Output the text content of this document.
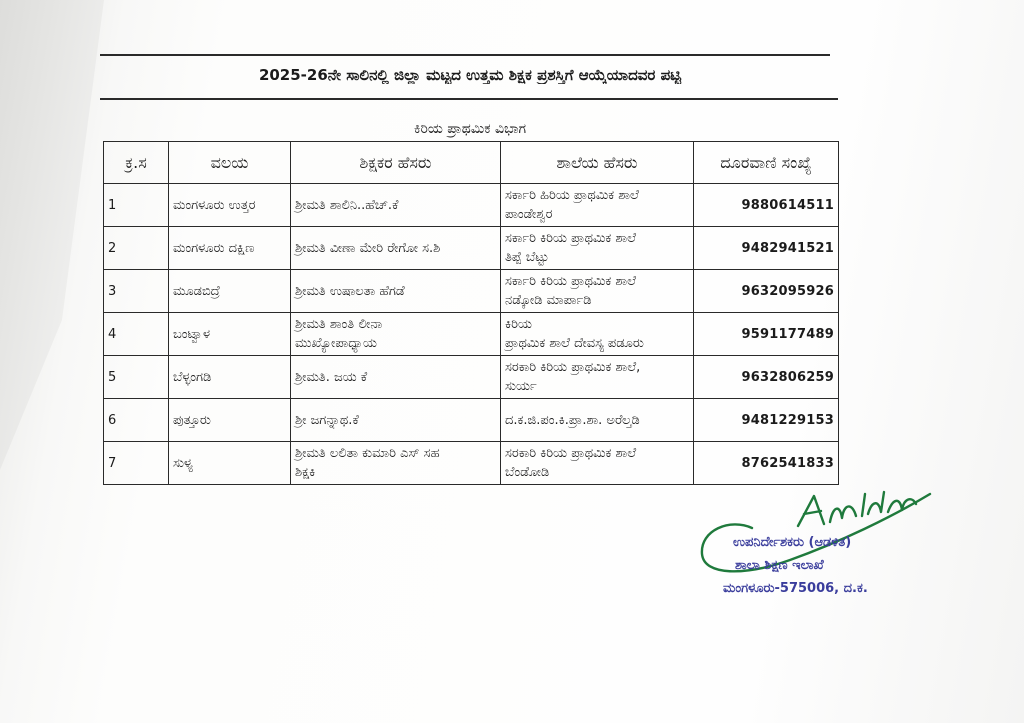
2025-26ನೇ ಸಾಲಿನಲ್ಲಿ ಜಿಲ್ಲಾ ಮಟ್ಟದ ಉತ್ತಮ ಶಿಕ್ಷಕ ಪ್ರಶಸ್ತಿಗೆ ಆಯ್ಕೆಯಾದವರ ಪಟ್ಟಿ
ಕಿರಿಯ ಪ್ರಾಥಮಿಕ ವಿಭಾಗ
ಕ್ರ.ಸ	ವಲಯ	ಶಿಕ್ಷಕರ ಹೆಸರು	ಶಾಲೆಯ ಹೆಸರು	ದೂರವಾಣಿ ಸಂಖ್ಯೆ
1	ಮಂಗಳೂರು ಉತ್ತರ	ಶ್ರೀಮತಿ ಶಾಲಿನಿ..ಹೆಚ್.ಕೆ	ಸರ್ಕಾರಿ ಹಿರಿಯ ಪ್ರಾಥಮಿಕ ಶಾಲೆ
ಪಾಂಡೇಶ್ವರ	9880614511
2	ಮಂಗಳೂರು ದಕ್ಷಿಣ	ಶ್ರೀಮತಿ ವೀಣಾ ಮೇರಿ ರೇಗೋ ಸ.ಶಿ	ಸರ್ಕಾರಿ ಕಿರಿಯ ಪ್ರಾಥಮಿಕ ಶಾಲೆ
ತಿಪ್ಪೆ ಬೆಟ್ಟು	9482941521
3	ಮೂಡಬಿದ್ರೆ	ಶ್ರೀಮತಿ ಉಷಾಲತಾ ಹೆಗಡೆ	ಸರ್ಕಾರಿ ಕಿರಿಯ ಪ್ರಾಥಮಿಕ ಶಾಲೆ
ನಡ್ಕೋಡಿ ಮಾರ್ಪಾಡಿ	9632095926
4	ಬಂಟ್ವಾಳ	ಶ್ರೀಮತಿ ಶಾಂತಿ ಲೀನಾ
ಮುಖ್ಯೋಪಾಧ್ಯಾಯ	ಕಿರಿಯ
ಪ್ರಾಥಮಿಕ ಶಾಲೆ ದೇವಸ್ಯ ಪಡೂರು	9591177489
5	ಬೆಳ್ಳಂಗಡಿ	ಶ್ರೀಮತಿ. ಜಯ ಕೆ	ಸರಕಾರಿ ಕಿರಿಯ ಪ್ರಾಥಮಿಕ ಶಾಲೆ,
ಸುರ್ಯ	9632806259
6	ಪುತ್ತೂರು	ಶ್ರೀ ಜಗನ್ನಾಥ.ಕೆ	ದ.ಕ.ಜಿ.ಪಂ.ಕಿ.ಪ್ರಾ.ಶಾ. ಅರೆಲ್ತಡಿ	9481229153
7	ಸುಳ್ಯ	ಶ್ರೀಮತಿ ಲಲಿತಾ ಕುಮಾರಿ ಎಸ್ ಸಹ
ಶಿಕ್ಷಕಿ	ಸರಕಾರಿ ಕಿರಿಯ ಪ್ರಾಥಮಿಕ ಶಾಲೆ
ಬೆಂಡೋಡಿ	8762541833
ಉಪನಿರ್ದೇಶಕರು (ಆಡಳಿತ)
ಶಾಲಾ ಶಿಕ್ಷಣ ಇಲಾಖೆ
ಮಂಗಳೂರು-575006, ದ.ಕ.
